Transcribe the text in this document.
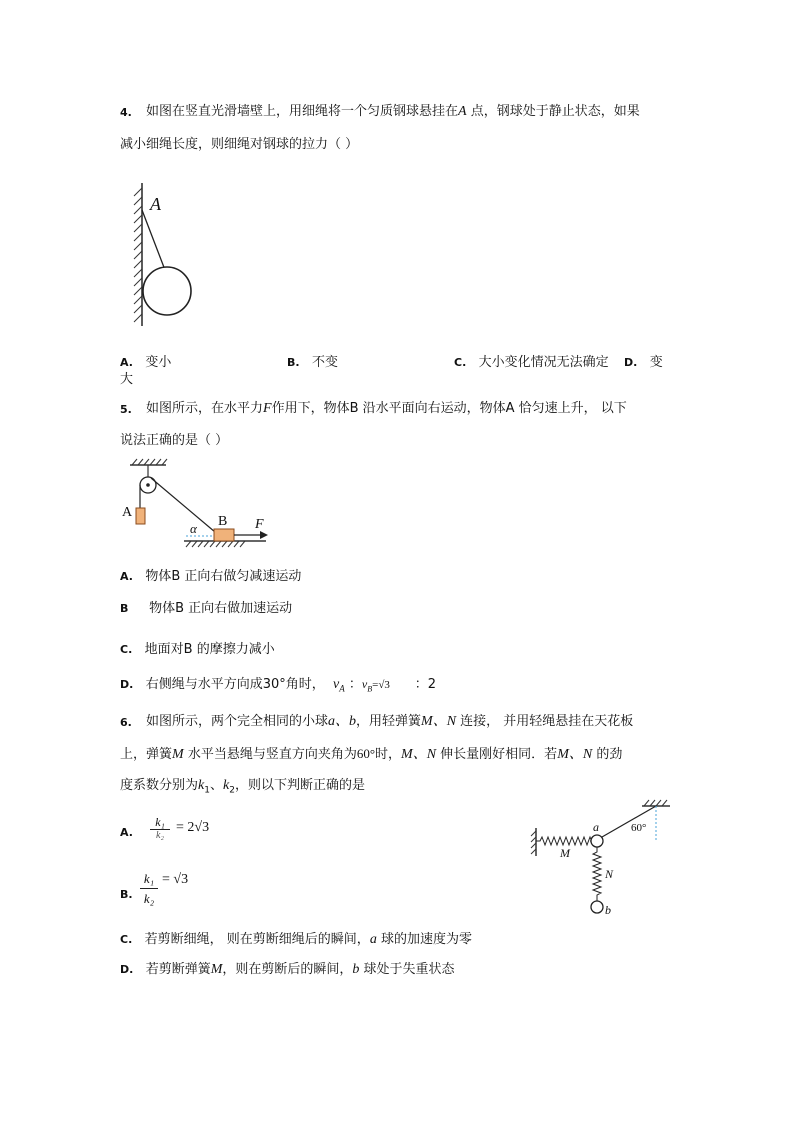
4. 如图在竖直光滑墙壁上，用细绳将一个匀质钢球悬挂在A 点，钢球处于静止状态，如果
减小细绳长度，则细绳对钢球的拉力（ ）
A
A. 变小	B. 不变	C. 大小变化情况无法确定 D. 变
大
5. 如图所示，在水平力F作用下，物体B 沿水平面向右运动，物体A 恰匀速上升， 以下
说法正确的是（ ）
A
B
α	F
A. 物体B 正向右做匀减速运动
B 物体B 正向右做加速运动
C. 地面对B 的摩擦力减小
D. 右侧绳与水平方向成30°角时， $v_A$ ：$v_B=√3$ ：2
6. 如图所示，两个完全相同的小球a、b，用轻弹簧M、N 连接， 并用轻绳悬挂在天花板
上，弹簧M 水平当悬绳与竖直方向夹角为60°时，M、N 伸长量刚好相同．若M、N 的劲
度系数分别为$k_1$、$k_2$，则以下判断正确的是
A.
k₁
k₂
= 2√3
B.
k₁
k₂
= √3
C. 若剪断细绳， 则在剪断细绳后的瞬间，a 球的加速度为零
D. 若剪断弹簧M，则在剪断后的瞬间，b 球处于失重状态
a
M
N
b
60°
